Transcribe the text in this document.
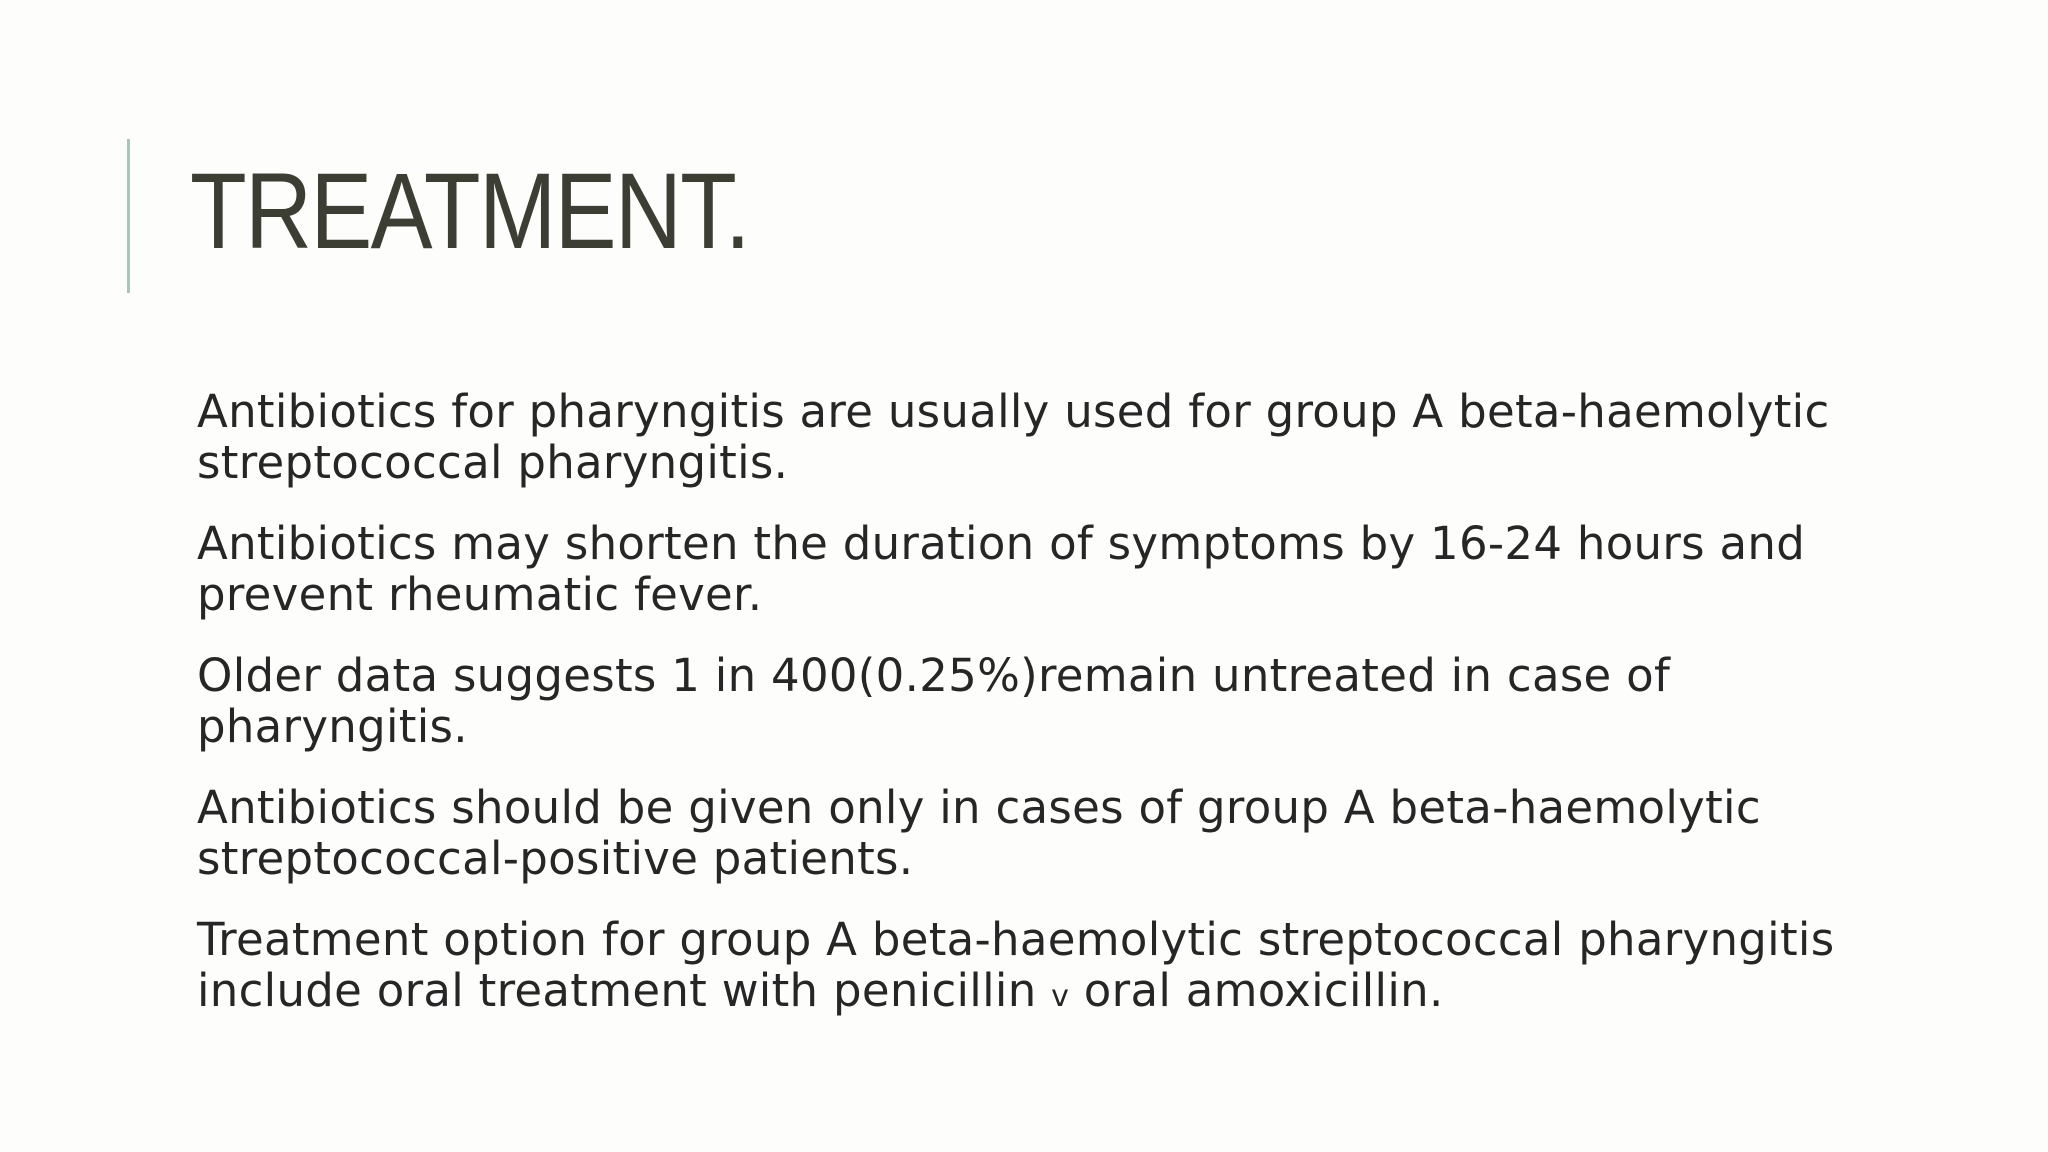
TREATMENT.
Antibiotics for pharyngitis are usually used for group A beta-haemolytic streptococcal pharyngitis.
Antibiotics may shorten the duration of symptoms by 16-24 hours and prevent rheumatic fever.
Older data suggests 1 in 400(0.25%)remain untreated in case of pharyngitis.
Antibiotics should be given only in cases of group A beta-haemolytic streptococcal-positive patients.
Treatment option for group A beta-haemolytic streptococcal pharyngitis include oral treatment with penicillin v oral amoxicillin.
